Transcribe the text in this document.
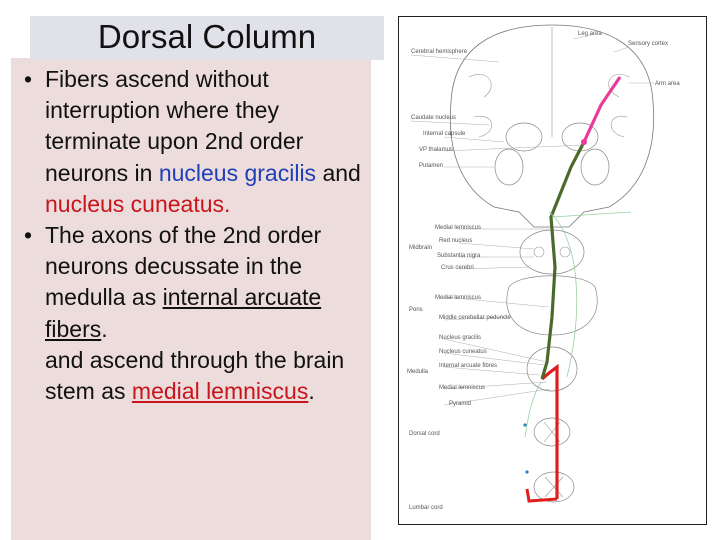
Dorsal Column
• Fibers ascend without interruption where they terminate upon 2nd order neurons in nucleus gracilis and nucleus cuneatus.
• The axons of the 2nd order neurons decussate in the medulla as internal arcuate fibers.
and ascend through the brain stem as medial lemniscus.
Leg area
Sensory cortex
Cerebral hemisphere
Arm area
Caudate nucleus
Internal capsule
VP thalamus
Putamen
Medial lemniscus
Red nucleus
Midbrain
Substantia nigra
Crus cerebri
Medial lemniscus
Pons
Middle cerebellar peduncle
Nucleus gracilis
Nucleus cuneatus
Internal arcuate fibres
Medulla
Medial lemniscus
Pyramid
Dorsal cord
Lumbar cord
